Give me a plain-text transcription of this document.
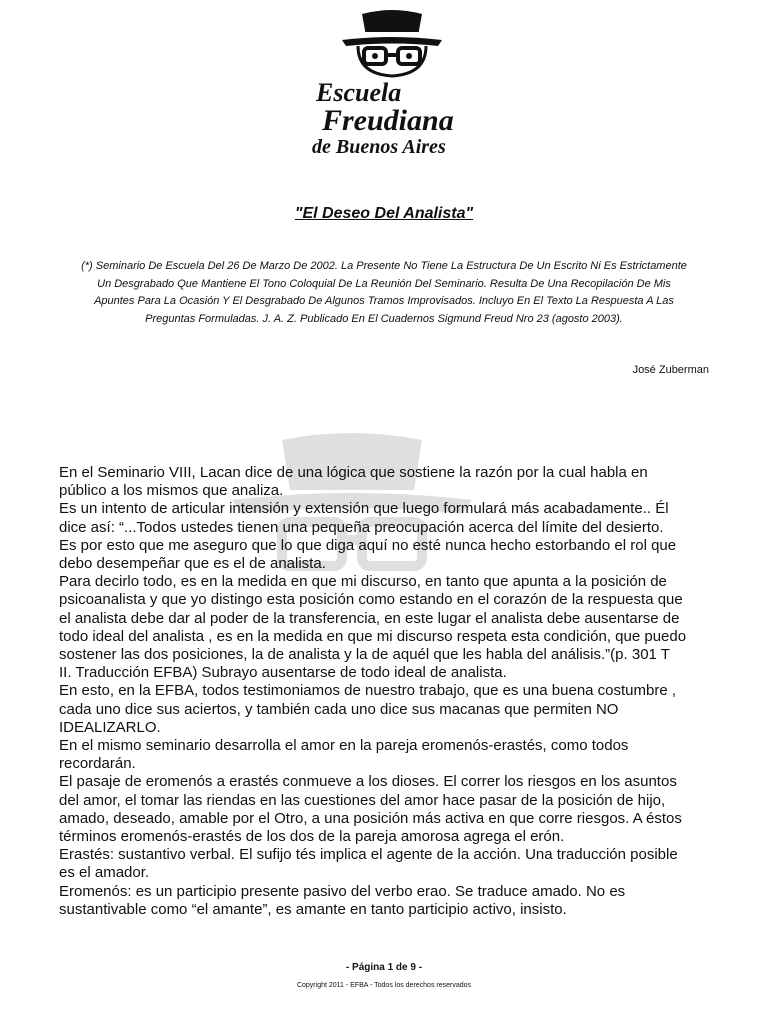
Escuela
Freudiana
de Buenos Aires
"El Deseo Del Analista"
(*) Seminario De Escuela Del 26 De Marzo De 2002. La Presente No Tiene La Estructura De Un Escrito Ni Es Estrictamente
Un Desgrabado Que Mantiene El Tono Coloquial De La Reunión Del Seminario. Resulta De Una Recopilación De Mis
Apuntes Para La Ocasión Y El Desgrabado De Algunos Tramos Improvisados. Incluyo En El Texto La Respuesta A Las
Preguntas Formuladas. J. A. Z. Publicado En El Cuadernos Sigmund Freud Nro 23 (agosto 2003).
José Zuberman
En el Seminario VIII, Lacan dice de una lógica que sostiene la razón por la cual habla en
público a los mismos que analiza.
Es un intento de articular intensión y extensión que luego formulará más acabadamente.. Él
dice así: “...Todos ustedes tienen una pequeña preocupación acerca del límite del desierto.
Es por esto que me aseguro que lo que diga aquí no esté nunca hecho estorbando el rol que
debo desempeñar que es el de analista.
Para decirlo todo, es en la medida en que mi discurso, en tanto que apunta a la posición de
psicoanalista y que yo distingo esta posición como estando en el corazón de la respuesta que
el analista debe dar al poder de la transferencia, en este lugar el analista debe ausentarse de
todo ideal del analista , es en la medida en que mi discurso respeta esta condición, que puedo
sostener las dos posiciones, la de analista y la de aquél que les habla del análisis.”(p. 301 T
II. Traducción EFBA) Subrayo ausentarse de todo ideal de analista.
En esto, en la EFBA, todos testimoniamos de nuestro trabajo, que es una buena costumbre ,
cada uno dice sus aciertos, y también cada uno dice sus macanas que permiten NO
IDEALIZARLO.
En el mismo seminario desarrolla el amor en la pareja eromenós-erastés, como todos
recordarán.
El pasaje de eromenós a erastés conmueve a los dioses. El correr los riesgos en los asuntos
del amor, el tomar las riendas en las cuestiones del amor hace pasar de la posición de hijo,
amado, deseado, amable por el Otro, a una posición más activa en que corre riesgos. A éstos
términos eromenós-erastés de los dos de la pareja amorosa agrega el erón.
Erastés: sustantivo verbal. El sufijo tés implica el agente de la acción. Una traducción posible
es el amador.
Eromenós: es un participio presente pasivo del verbo erao. Se traduce amado. No es
sustantivable como “el amante”, es amante en tanto participio activo, insisto.
- Página 1 de 9 -
Copyright 2011 - EFBA - Todos los derechos reservados
